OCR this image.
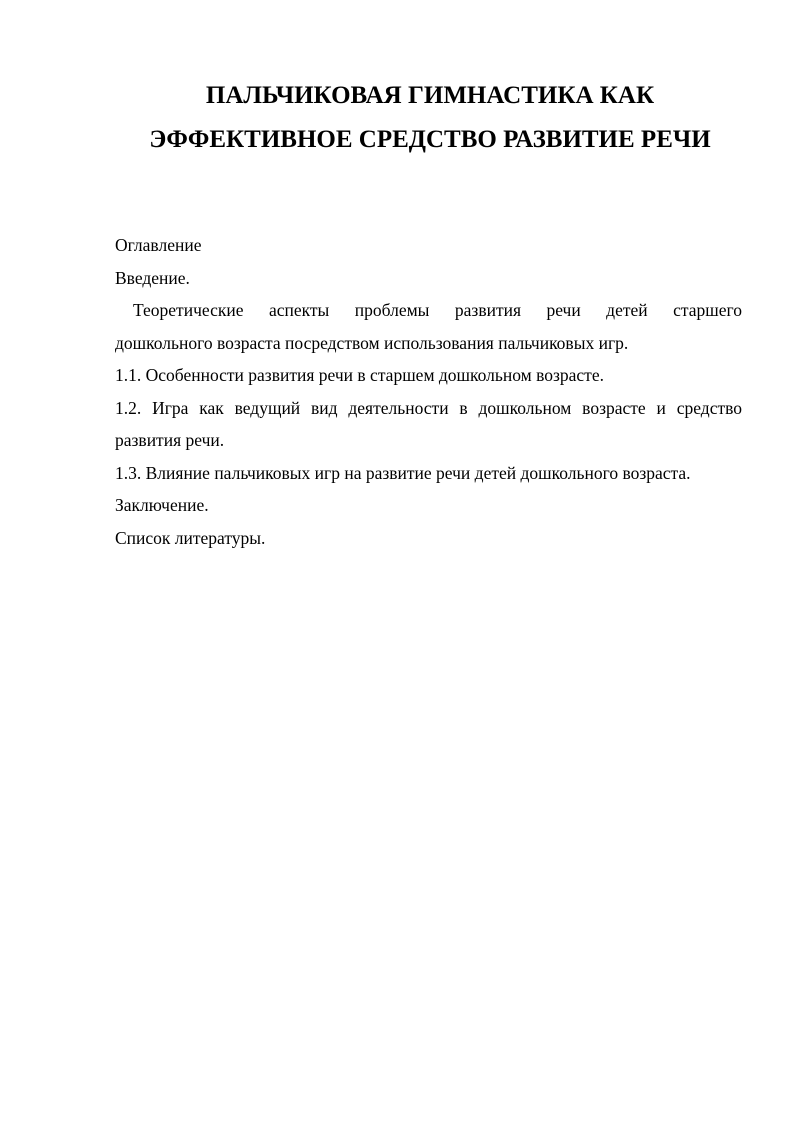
ПАЛЬЧИКОВАЯ ГИМНАСТИКА КАК
ЭФФЕКТИВНОЕ СРЕДСТВО РАЗВИТИЕ РЕЧИ
Оглавление
Введение.
Теоретические аспекты проблемы развития речи детей старшего
дошкольного возраста посредством использования пальчиковых игр.
1.1. Особенности развития речи в старшем дошкольном возрасте.
1.2. Игра как ведущий вид деятельности в дошкольном возрасте и средство
развития речи.
1.3. Влияние пальчиковых игр на развитие речи детей дошкольного возраста.
Заключение.
Список литературы.
